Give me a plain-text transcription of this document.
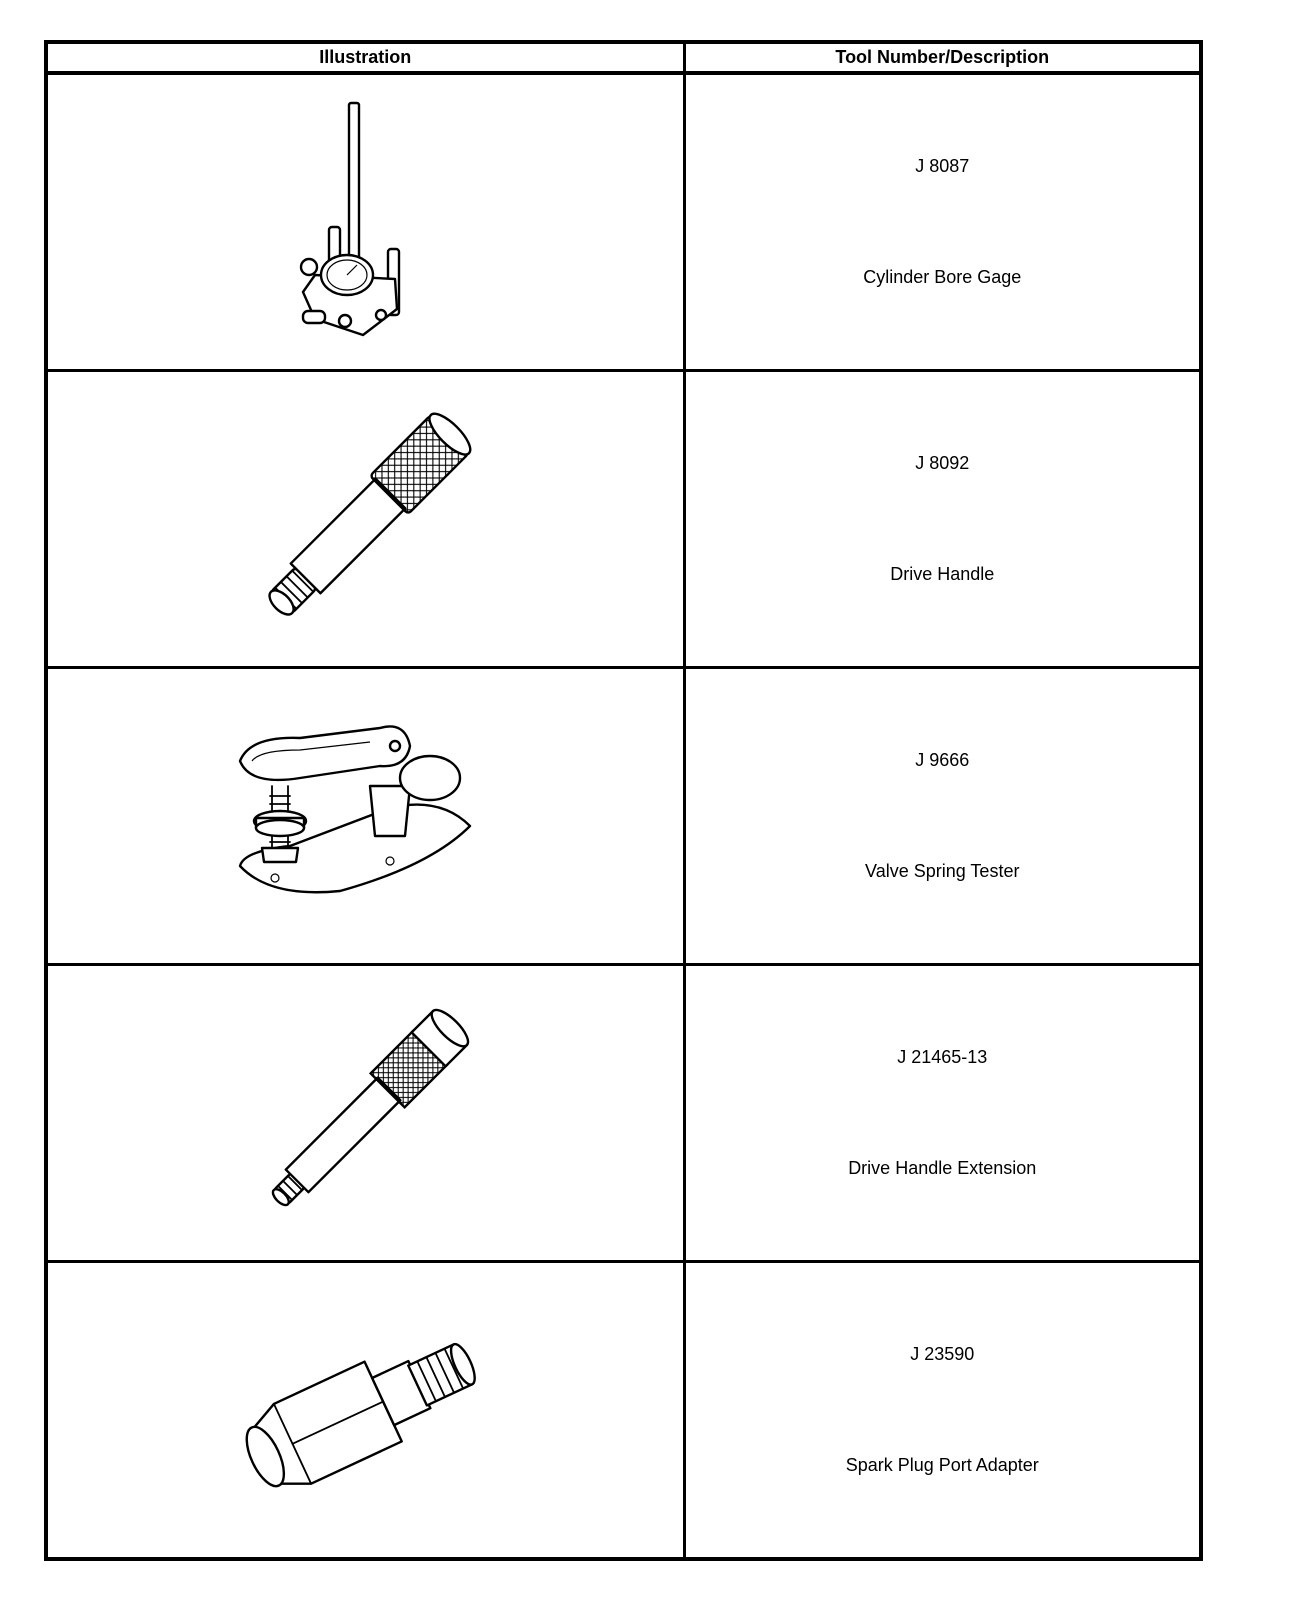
Illustration	Tool Number/Description

J 8087
Cylinder Bore Gage

J 8092
Drive Handle

J 9666
Valve Spring Tester

J 21465-13
Drive Handle Extension

J 23590
Spark Plug Port Adapter
